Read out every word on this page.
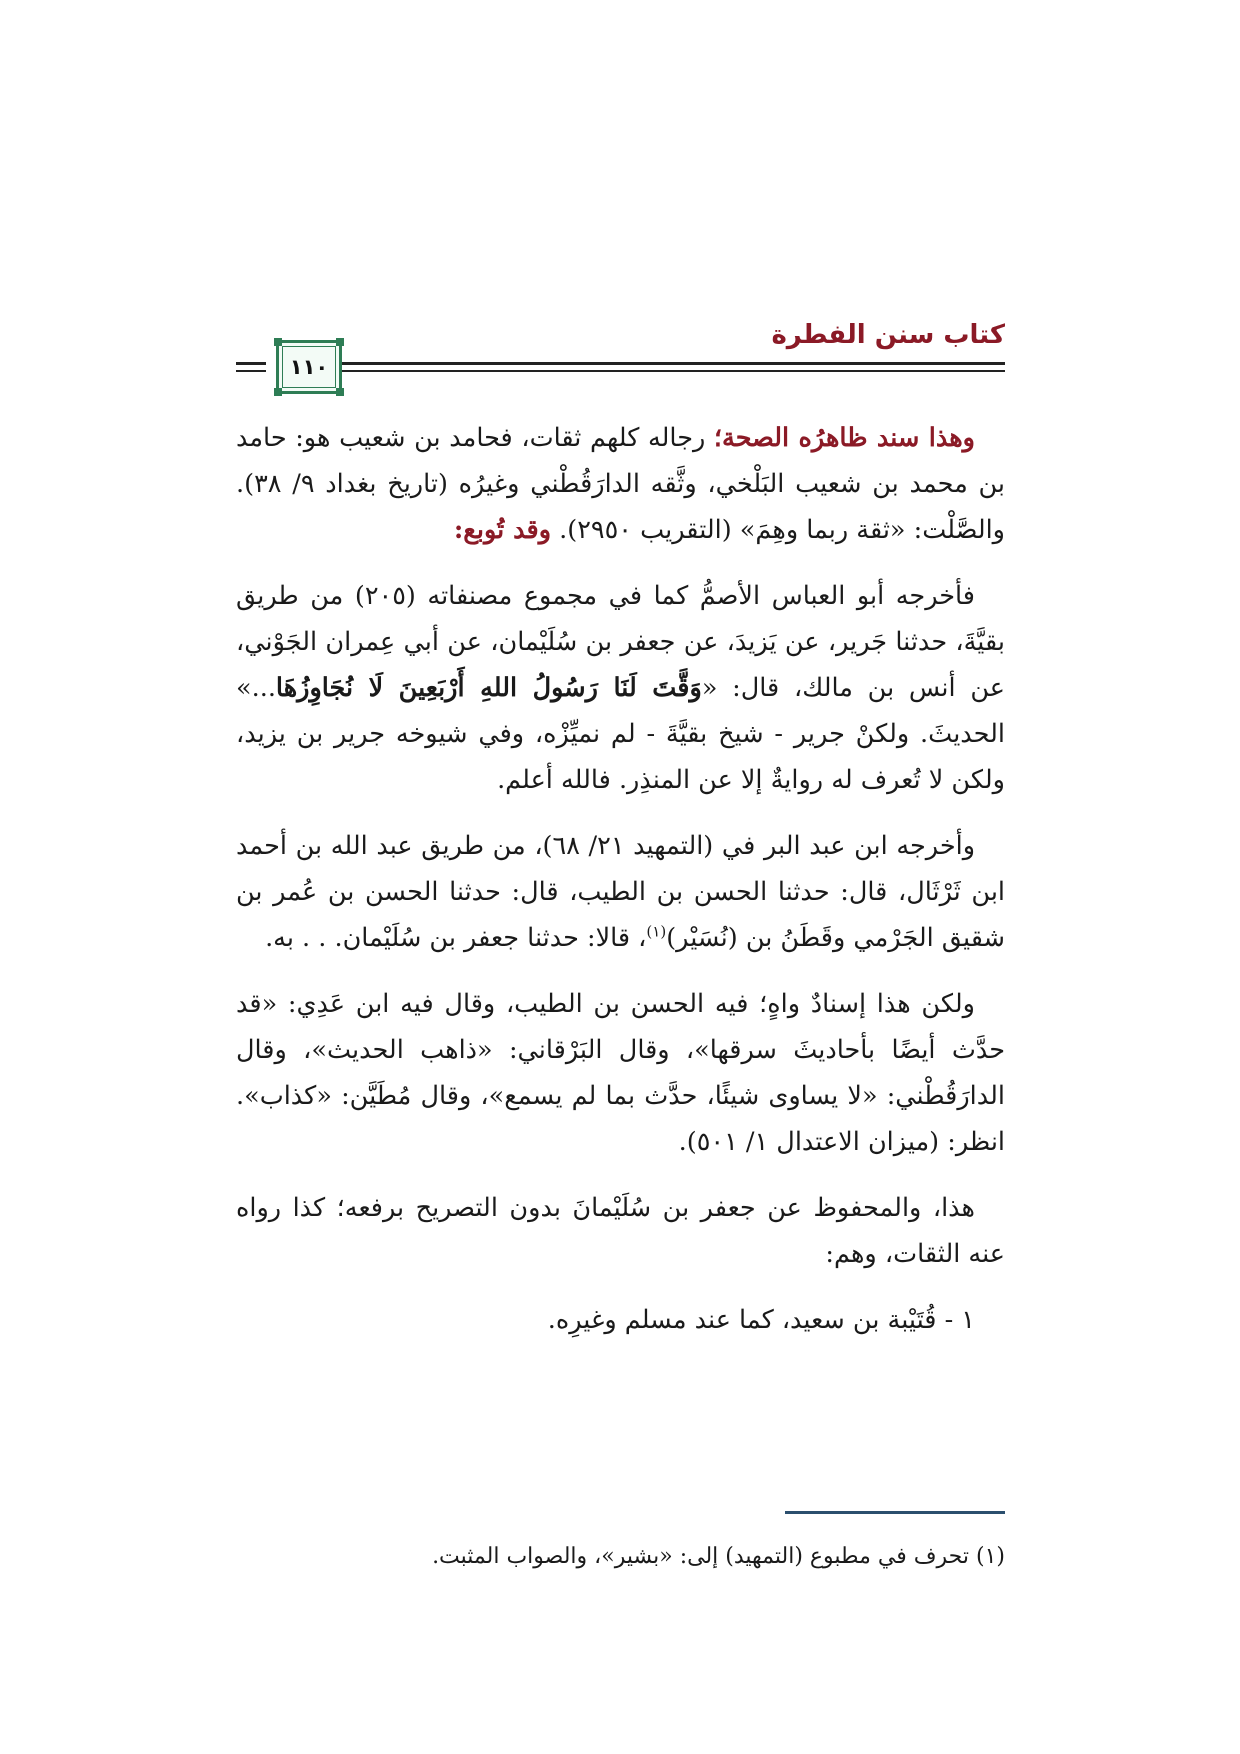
كتاب سنن الفطرة
١١٠

وهذا سند ظاهرُه الصحة؛ رجاله كلهم ثقات، فحامد بن شعيب هو: حامد بن محمد بن شعيب البَلْخي، وثَّقه الدارَقُطْني وغيرُه (تاريخ بغداد ٩/ ٣٨). والصَّلْت: «ثقة ربما وهِمَ» (التقريب ٢٩٥٠). وقد تُوبع:

فأخرجه أبو العباس الأصمُّ كما في مجموع مصنفاته (٢٠٥) من طريق بقيَّةَ، حدثنا جَرير، عن يَزيدَ، عن جعفر بن سُلَيْمان، عن أبي عِمران الجَوْني، عن أنس بن مالك، قال: «وَقَّتَ لَنَا رَسُولُ اللهِ أَرْبَعِينَ لَا نُجَاوِزُهَا...» الحديثَ. ولكنْ جرير - شيخ بقيَّةَ - لم نميِّزْه، وفي شيوخه جرير بن يزيد، ولكن لا تُعرف له روايةٌ إلا عن المنذِر. فالله أعلم.

وأخرجه ابن عبد البر في (التمهيد ٢١/ ٦٨)، من طريق عبد الله بن أحمد ابن ثَرْثَال، قال: حدثنا الحسن بن الطيب، قال: حدثنا الحسن بن عُمر بن شقيق الجَرْمي وقَطَنُ بن (نُسَيْر)$^{(١)}$، قالا: حدثنا جعفر بن سُلَيْمان. . . به.

ولكن هذا إسنادٌ واهٍ؛ فيه الحسن بن الطيب، وقال فيه ابن عَدِي: «قد حدَّث أيضًا بأحاديثَ سرقها»، وقال البَرْقاني: «ذاهب الحديث»، وقال الدارَقُطْني: «لا يساوى شيئًا، حدَّث بما لم يسمع»، وقال مُطَيَّن: «كذاب». انظر: (ميزان الاعتدال ١/ ٥٠١).

هذا، والمحفوظ عن جعفر بن سُلَيْمانَ بدون التصريح برفعه؛ كذا رواه عنه الثقات، وهم:

١ - قُتَيْبة بن سعيد، كما عند مسلم وغيرِه.

(١) تحرف في مطبوع (التمهيد) إلى: «بشير»، والصواب المثبت.
